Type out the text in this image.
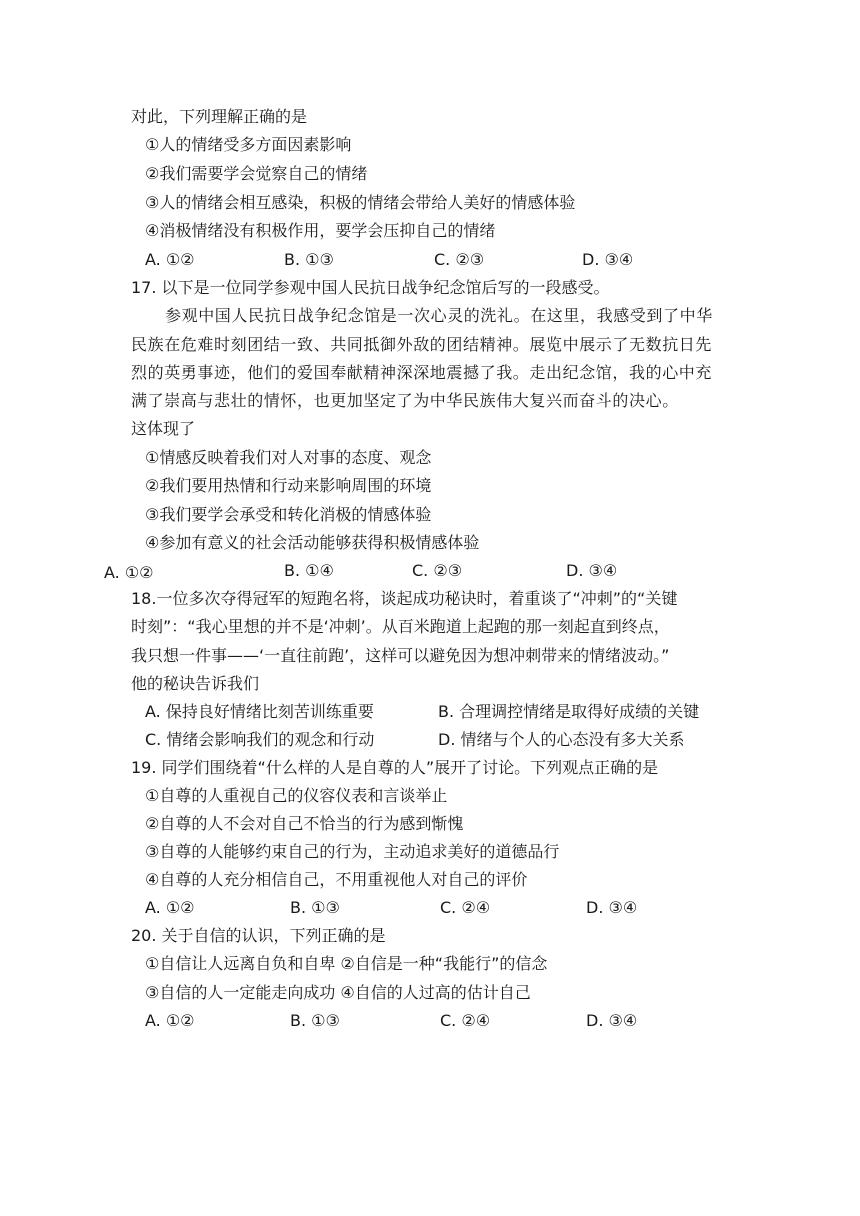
对此，下列理解正确的是
①人的情绪受多方面因素影响
②我们需要学会觉察自己的情绪
③人的情绪会相互感染，积极的情绪会带给人美好的情感体验
④消极情绪没有积极作用，要学会压抑自己的情绪
A. ①②	B. ①③	C. ②③	D. ③④
17. 以下是一位同学参观中国人民抗日战争纪念馆后写的一段感受。
参观中国人民抗日战争纪念馆是一次心灵的洗礼。在这里，我感受到了中华
民族在危难时刻团结一致、共同抵御外敌的团结精神。展览中展示了无数抗日先
烈的英勇事迹，他们的爱国奉献精神深深地震撼了我。走出纪念馆，我的心中充
满了崇高与悲壮的情怀，也更加坚定了为中华民族伟大复兴而奋斗的决心。
这体现了
①情感反映着我们对人对事的态度、观念
②我们要用热情和行动来影响周围的环境
③我们要学会承受和转化消极的情感体验
④参加有意义的社会活动能够获得积极情感体验
A. ①②	B. ①④	C. ②③	D. ③④
18.一位多次夺得冠军的短跑名将，谈起成功秘诀时，着重谈了“冲刺”的“关键
时刻”：“我心里想的并不是‘冲刺’。从百米跑道上起跑的那一刻起直到终点，
我只想一件事——‘一直往前跑’，这样可以避免因为想冲刺带来的情绪波动。”
他的秘诀告诉我们
A. 保持良好情绪比刻苦训练重要	B. 合理调控情绪是取得好成绩的关键
C. 情绪会影响我们的观念和行动	D. 情绪与个人的心态没有多大关系
19. 同学们围绕着“什么样的人是自尊的人”展开了讨论。下列观点正确的是
①自尊的人重视自己的仪容仪表和言谈举止
②自尊的人不会对自己不恰当的行为感到惭愧
③自尊的人能够约束自己的行为，主动追求美好的道德品行
④自尊的人充分相信自己，不用重视他人对自己的评价
A. ①②	B. ①③	C. ②④	D. ③④
20. 关于自信的认识，下列正确的是
①自信让人远离自负和自卑 ②自信是一种“我能行”的信念
③自信的人一定能走向成功 ④自信的人过高的估计自己
A. ①②	B. ①③	C. ②④	D. ③④
